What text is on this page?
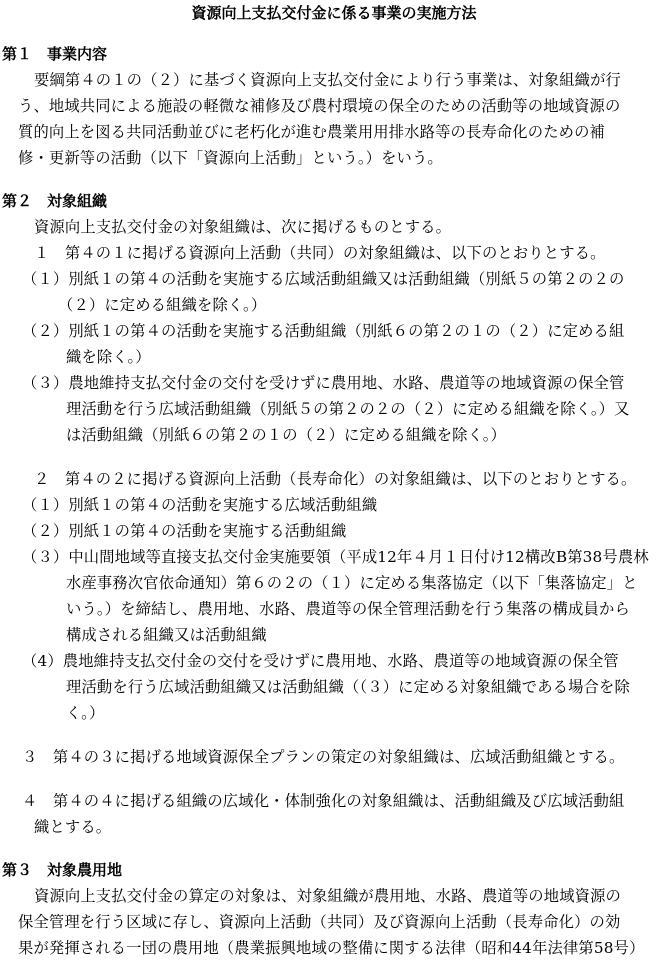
資源向上支払交付金に係る事業の実施方法
第１　事業内容
要綱第４の１の（２）に基づく資源向上支払交付金により行う事業は、対象組織が行
う、地域共同による施設の軽微な補修及び農村環境の保全のための活動等の地域資源の
質的向上を図る共同活動並びに老朽化が進む農業用用排水路等の長寿命化のための補
修・更新等の活動（以下「資源向上活動」という。）をいう。
第２　対象組織
資源向上支払交付金の対象組織は、次に掲げるものとする。
１　第４の１に掲げる資源向上活動（共同）の対象組織は、以下のとおりとする。
（１）別紙１の第４の活動を実施する広域活動組織又は活動組織（別紙５の第２の２の
（２）に定める組織を除く。）
（２）別紙１の第４の活動を実施する活動組織（別紙６の第２の１の（２）に定める組
織を除く。）
（３）農地維持支払交付金の交付を受けずに農用地、水路、農道等の地域資源の保全管
理活動を行う広域活動組織（別紙５の第２の２の（２）に定める組織を除く。）又
は活動組織（別紙６の第２の１の（２）に定める組織を除く。）
２　第４の２に掲げる資源向上活動（長寿命化）の対象組織は、以下のとおりとする。
（１）別紙１の第４の活動を実施する広域活動組織
（２）別紙１の第４の活動を実施する活動組織
（３）中山間地域等直接支払交付金実施要領（平成12年４月１日付け12構改B第38号農林
水産事務次官依命通知）第６の２の（１）に定める集落協定（以下「集落協定」と
いう。）を締結し、農用地、水路、農道等の保全管理活動を行う集落の構成員から
構成される組織又は活動組織
（4）農地維持支払交付金の交付を受けずに農用地、水路、農道等の地域資源の保全管
理活動を行う広域活動組織又は活動組織（（３）に定める対象組織である場合を除
く。）
３　第４の３に掲げる地域資源保全プランの策定の対象組織は、広域活動組織とする。
４　第４の４に掲げる組織の広域化・体制強化の対象組織は、活動組織及び広域活動組
織とする。
第３　対象農用地
資源向上支払交付金の算定の対象は、対象組織が農用地、水路、農道等の地域資源の
保全管理を行う区域に存し、資源向上活動（共同）及び資源向上活動（長寿命化）の効
果が発揮される一団の農用地（農業振興地域の整備に関する法律（昭和44年法律第58号）
